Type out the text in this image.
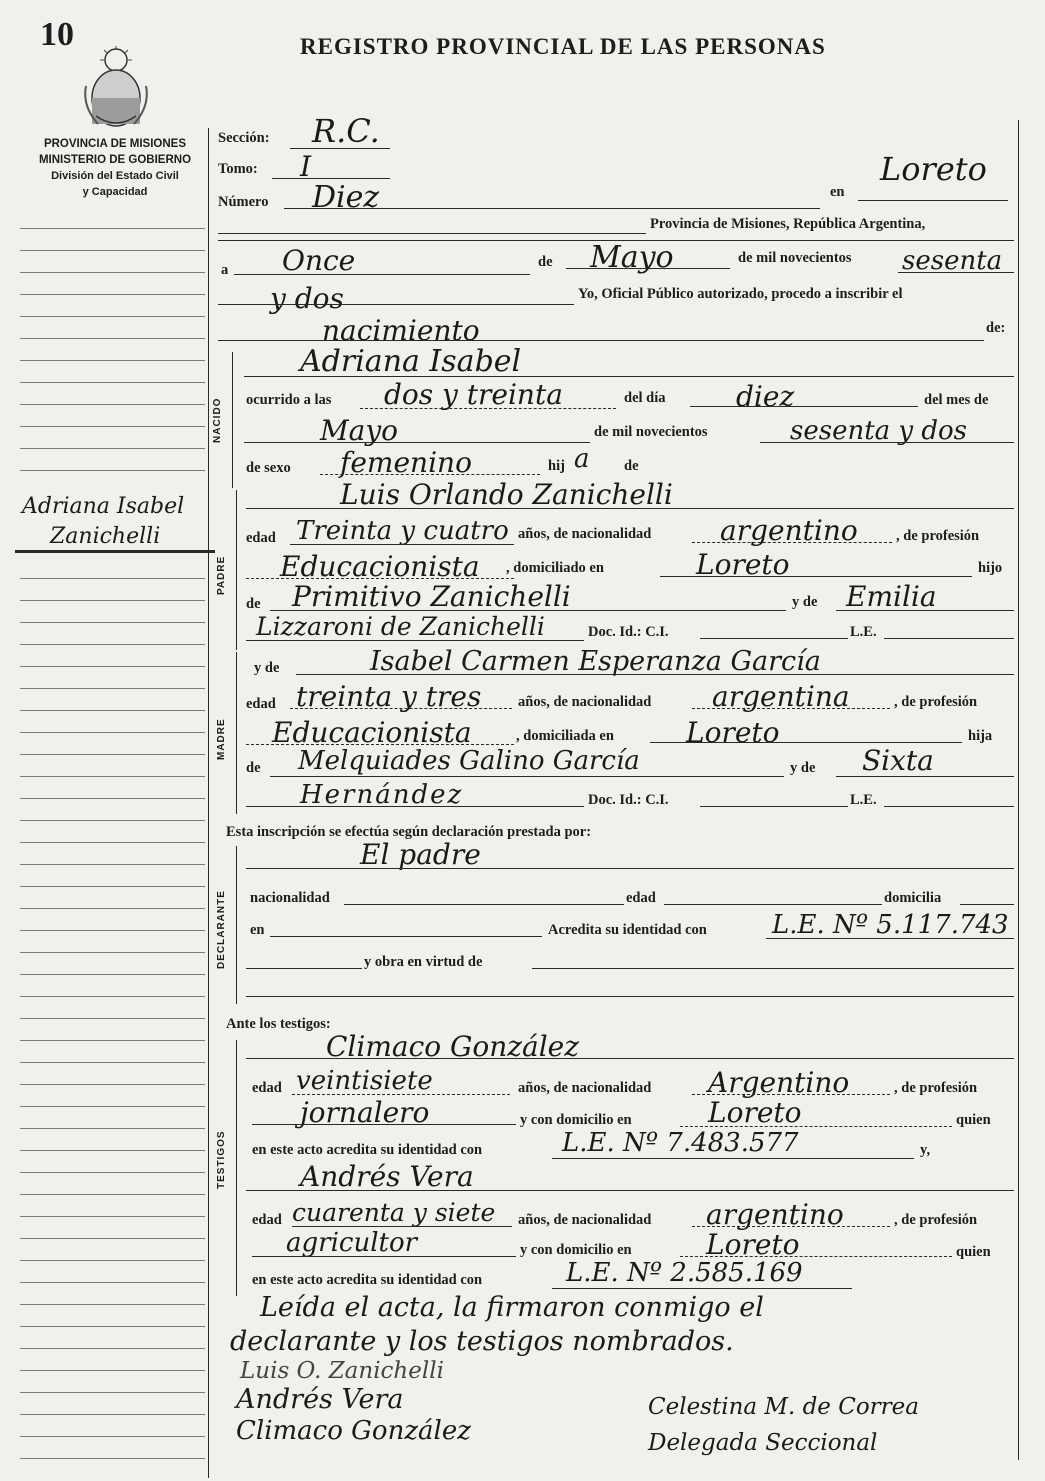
10	REGISTRO PROVINCIAL DE LAS PERSONAS
PROVINCIA DE MISIONES
MINISTERIO DE GOBIERNO
División del Estado Civil
y Capacidad
Adriana Isabel
Zanichelli
Sección: R.C.
Tomo: I
Número Diez	en
Loreto
Provincia de Misiones, República Argentina,
a Once	de Mayo	de mil novecientos sesenta
y dos	Yo, Oficial Público autorizado, procedo a inscribir el
nacimiento	de:
NACIDO
Adriana Isabel
ocurrido a las dos y treinta	del día	diez	del mes de
Mayo	de mil novecientos	sesenta y dos
de sexo femenino	hij a de
PADRE
Luis Orlando Zanichelli
edad Treinta y cuatro años, de nacionalidad argentino	, de profesión
Educacionista , domiciliado en	Loreto	hijo
de Primitivo Zanichelli	y de Emilia
Lizzaroni de Zanichelli	Doc. Id.: C.I.	L.E.
MADRE
y de	Isabel Carmen Esperanza García
edad treinta y tres	años, de nacionalidad argentina	, de profesión
Educacionista	, domiciliada en	Loreto	hija
de Melquiades Galino García	y de Sixta
Hernández	Doc. Id.: C.I.	L.E.
Esta inscripción se efectúa según declaración prestada por:
DECLARANTE
El padre
nacionalidad	edad	domicilia
en	Acredita su identidad con	L.E. Nº 5.117.743
y obra en virtud de
Ante los testigos:
TESTIGOS
Climaco González
edad veintisiete	años, de nacionalidad Argentino	, de profesión
jornalero	y con domicilio en	Loreto	quien
en este acto acredita su identidad con	L.E. Nº 7.483.577	y,
Andrés Vera
edad cuarenta y siete años, de nacionalidad argentino	, de profesión
agricultor	y con domicilio en	Loreto	quien
en este acto acredita su identidad con	L.E. Nº 2.585.169
Leída el acta, la firmaron conmigo el
declarante y los testigos nombrados.
Luis O. Zanichelli
Andrés Vera
Climaco González
Celestina M. de Correa
Delegada Seccional
